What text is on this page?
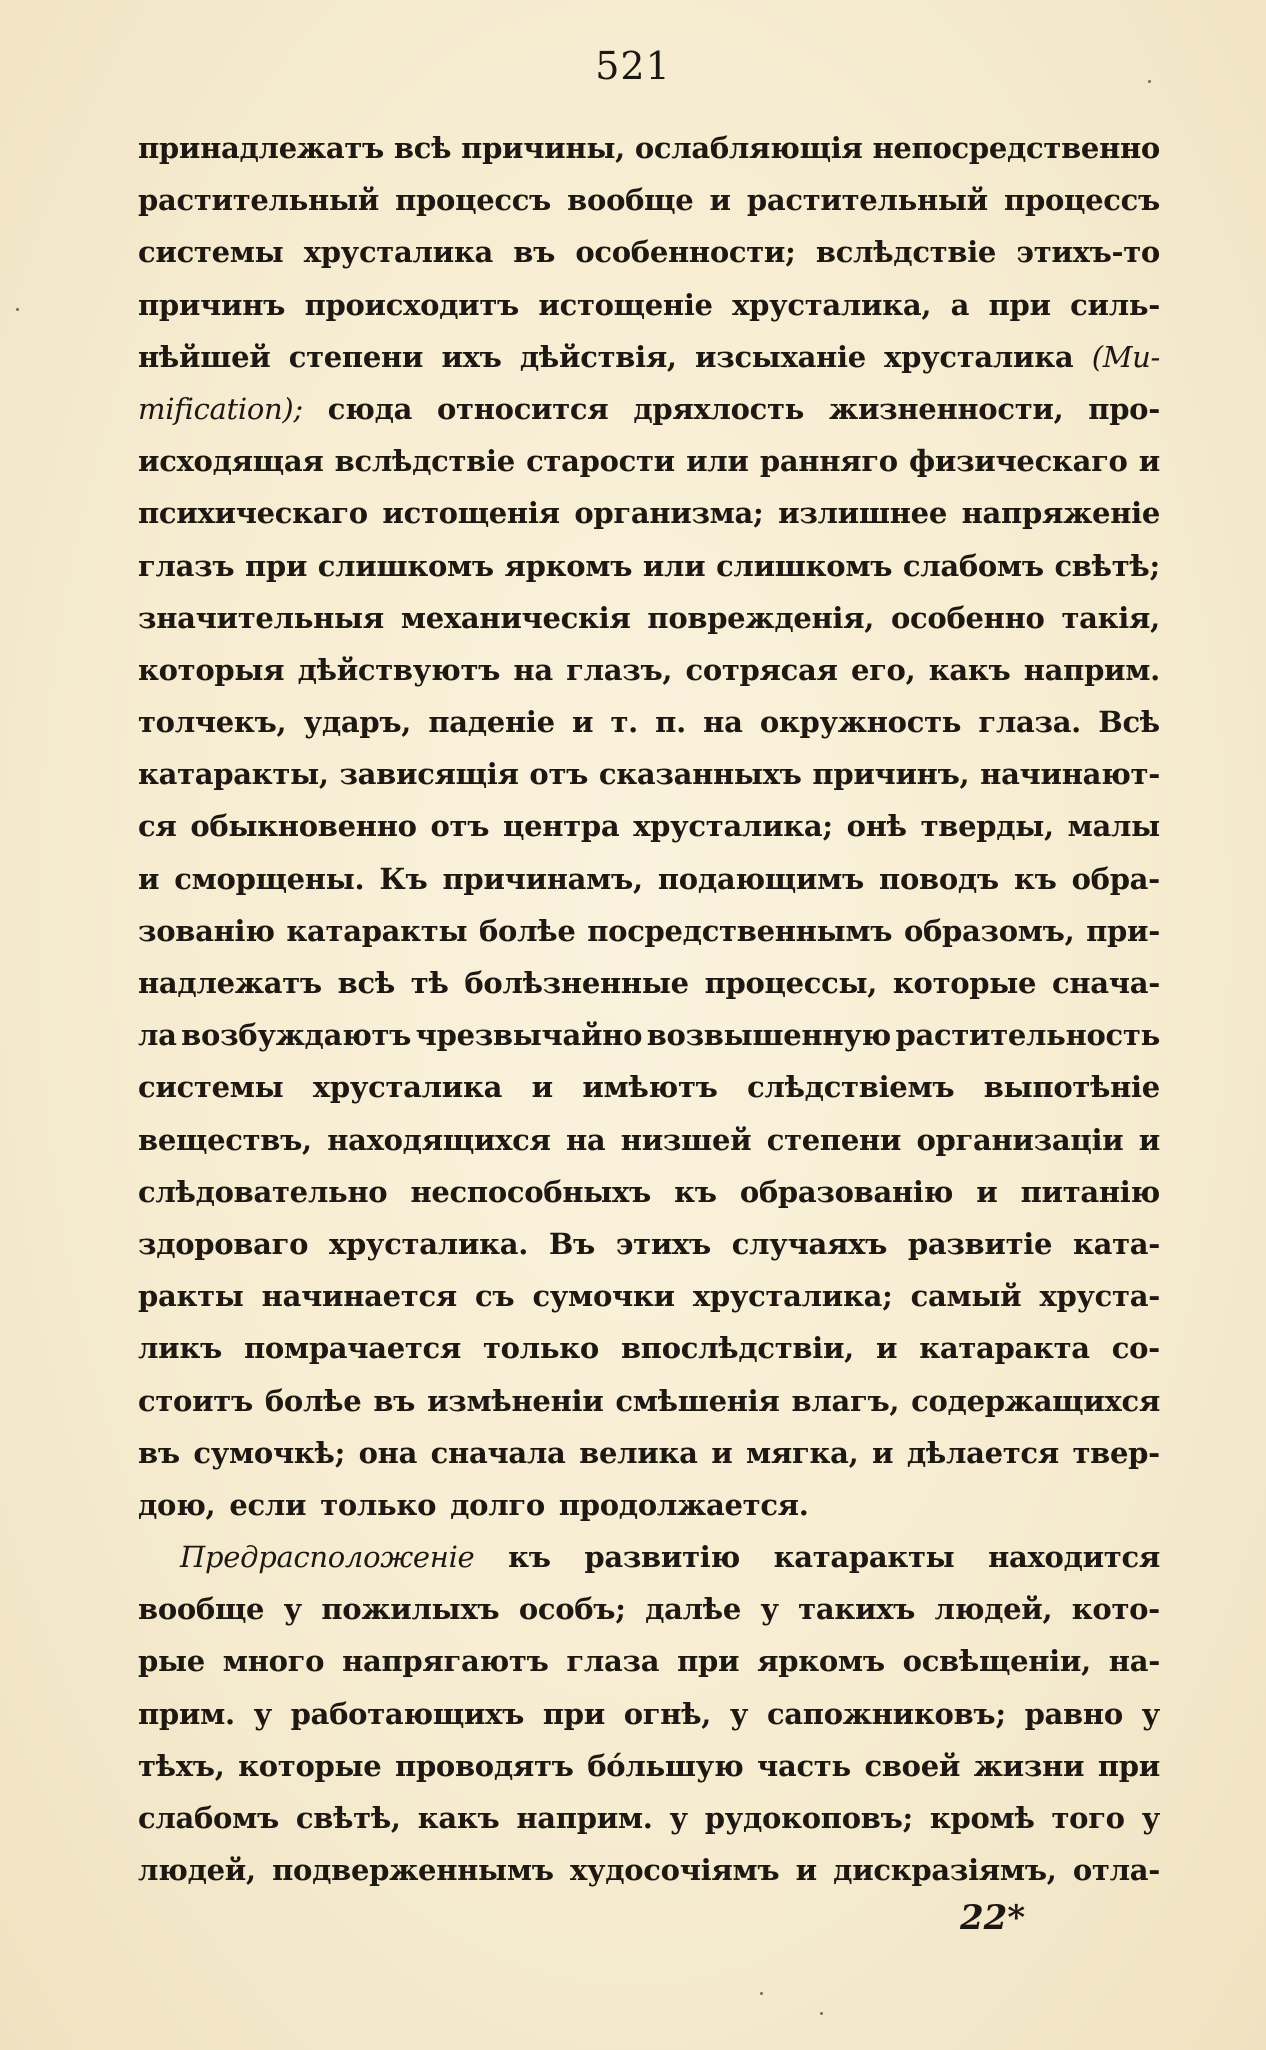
521
принадлежатъ всѣ причины, ослабляющія непосредственно
растительный процессъ вообще и растительный процессъ
системы хрусталика въ особенности; вслѣдствіе этихъ-то
причинъ происходитъ истощеніе хрусталика, а при силь-
нѣйшей степени ихъ дѣйствія, изсыханіе хрусталика (Mu-
mification); сюда относится дряхлость жизненности, про-
исходящая вслѣдствіе старости или ранняго физическаго и
психическаго истощенія организма; излишнее напряженіе
глазъ при слишкомъ яркомъ или слишкомъ слабомъ свѣтѣ;
значительныя механическія поврежденія, особенно такія,
которыя дѣйствуютъ на глазъ, сотрясая его, какъ наприм.
толчекъ, ударъ, паденіе и т. п. на окружность глаза. Всѣ
катаракты, зависящія отъ сказанныхъ причинъ, начинают-
ся обыкновенно отъ центра хрусталика; онѣ тверды, малы
и сморщены. Къ причинамъ, подающимъ поводъ къ обра-
зованію катаракты болѣе посредственнымъ образомъ, при-
надлежатъ всѣ тѣ болѣзненные процессы, которые снача-
ла возбуждаютъ чрезвычайно возвышенную растительность
системы хрусталика и имѣютъ слѣдствіемъ выпотѣніе
веществъ, находящихся на низшей степени организаціи и
слѣдовательно неспособныхъ къ образованію и питанію
здороваго хрусталика. Въ этихъ случаяхъ развитіе ката-
ракты начинается съ сумочки хрусталика; самый хруста-
ликъ помрачается только впослѣдствіи, и катаракта со-
стоитъ болѣе въ измѣненіи смѣшенія влагъ, содержащихся
въ сумочкѣ; она сначала велика и мягка, и дѣлается твер-
дою, если только долго продолжается.
Предрасположеніе къ развитію катаракты находится
вообще у пожилыхъ особъ; далѣе у такихъ людей, кото-
рые много напрягаютъ глаза при яркомъ освѣщеніи, на-
прим. у работающихъ при огнѣ, у сапожниковъ; равно у
тѣхъ, которые проводятъ бо́льшую часть своей жизни при
слабомъ свѣтѣ, какъ наприм. у рудокоповъ; кромѣ того у
людей, подверженнымъ худосочіямъ и дискразіямъ, отла-
22*
